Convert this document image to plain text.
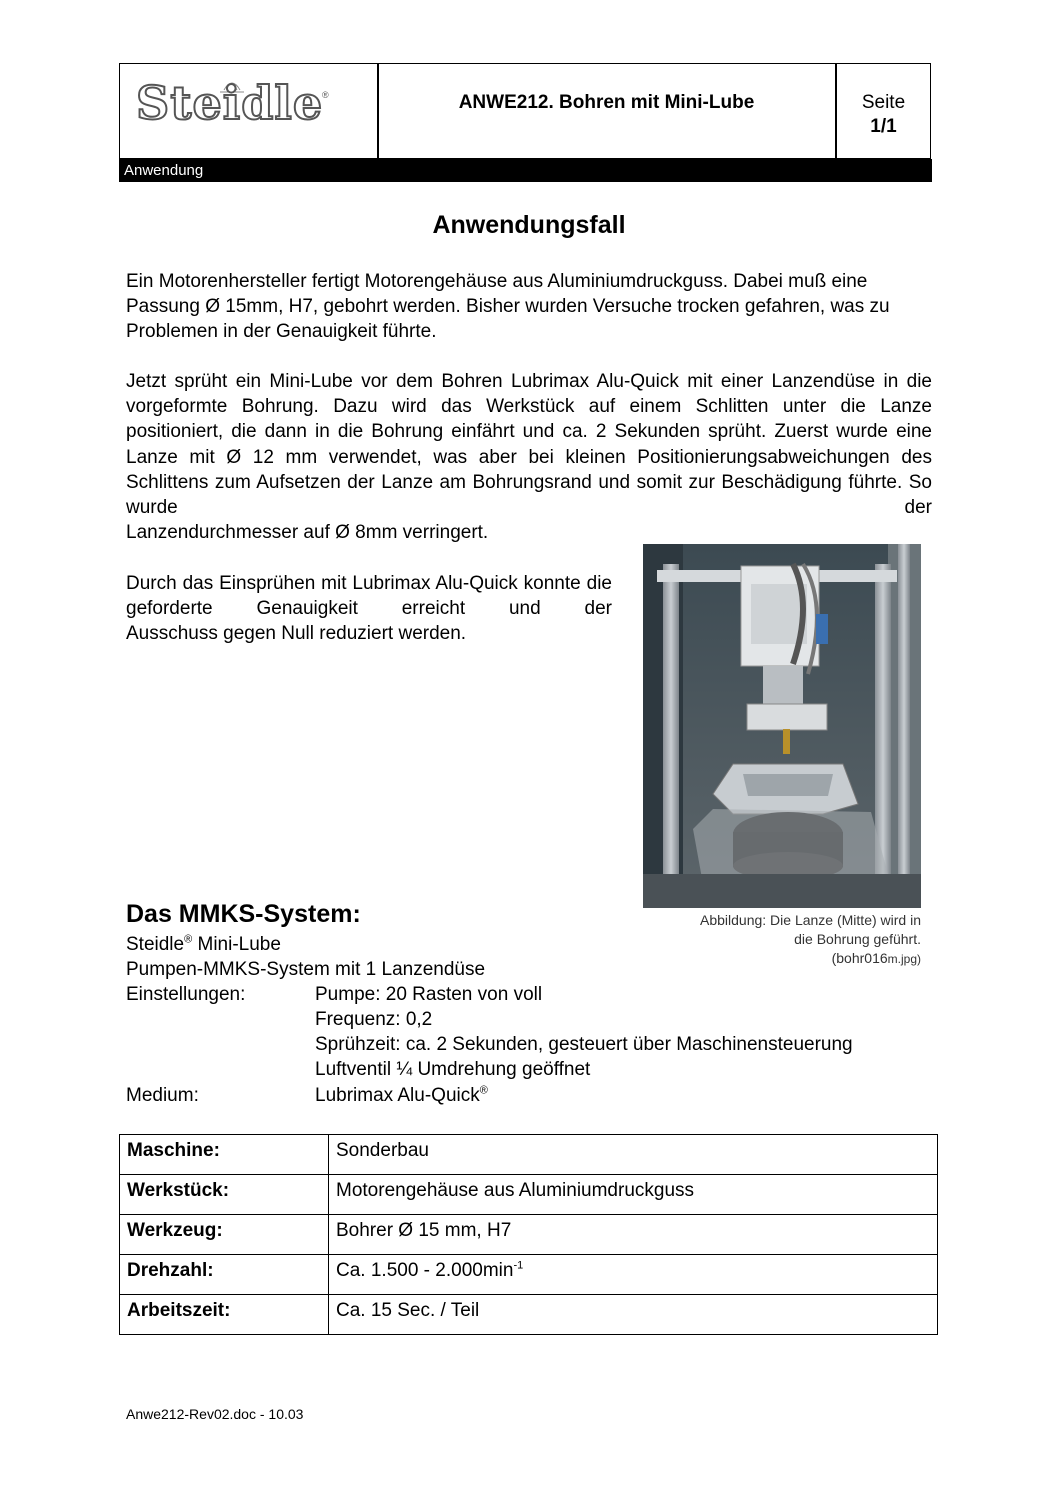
Steidle
®	ANWE212. Bohren mit Mini-Lube	Seite
1/1
Anwendung
Anwendungsfall
Ein Motorenhersteller fertigt Motorengehäuse aus Aluminiumdruckguss. Dabei muß eine Passung Ø 15mm, H7, gebohrt werden. Bisher wurden Versuche trocken gefahren, was zu Problemen in der Genauigkeit führte.
Jetzt sprüht ein Mini-Lube vor dem Bohren Lubrimax Alu-Quick mit einer Lanzendüse in die vorgeformte Bohrung. Dazu wird das Werkstück auf einem Schlitten unter die Lanze positioniert, die dann in die Bohrung einfährt und ca. 2 Sekunden sprüht. Zuerst wurde eine Lanze mit Ø 12 mm verwendet, was aber bei kleinen Positionierungsabweichungen des Schlittens zum Aufsetzen der Lanze am Bohrungsrand und somit zur Beschädigung führte. So wurde der
Lanzendurchmesser auf Ø 8mm verringert.
Durch das Einsprühen mit Lubrimax Alu-Quick konnte die geforderte Genauigkeit erreicht und der
Ausschuss gegen Null reduziert werden.
Abbildung: Die Lanze (Mitte) wird in
die Bohrung geführt.
(bohr016m.jpg)
Das MMKS-System:
Steidle® Mini-Lube
Pumpen-MMKS-System mit 1 Lanzendüse
Einstellungen:	Pumpe: 20 Rasten von voll
Frequenz: 0,2
Sprühzeit: ca. 2 Sekunden, gesteuert über Maschinensteuerung
Luftventil ¼ Umdrehung geöffnet
Medium:	Lubrimax Alu-Quick®
Maschine:	Sonderbau
Werkstück:	Motorengehäuse aus Aluminiumdruckguss
Werkzeug:	Bohrer Ø 15 mm, H7
Drehzahl:	Ca. $1.500 - 2.000\min^{-1}$
Arbeitszeit:	Ca. 15 Sec. / Teil
Anwe212-Rev02.doc - 10.03
